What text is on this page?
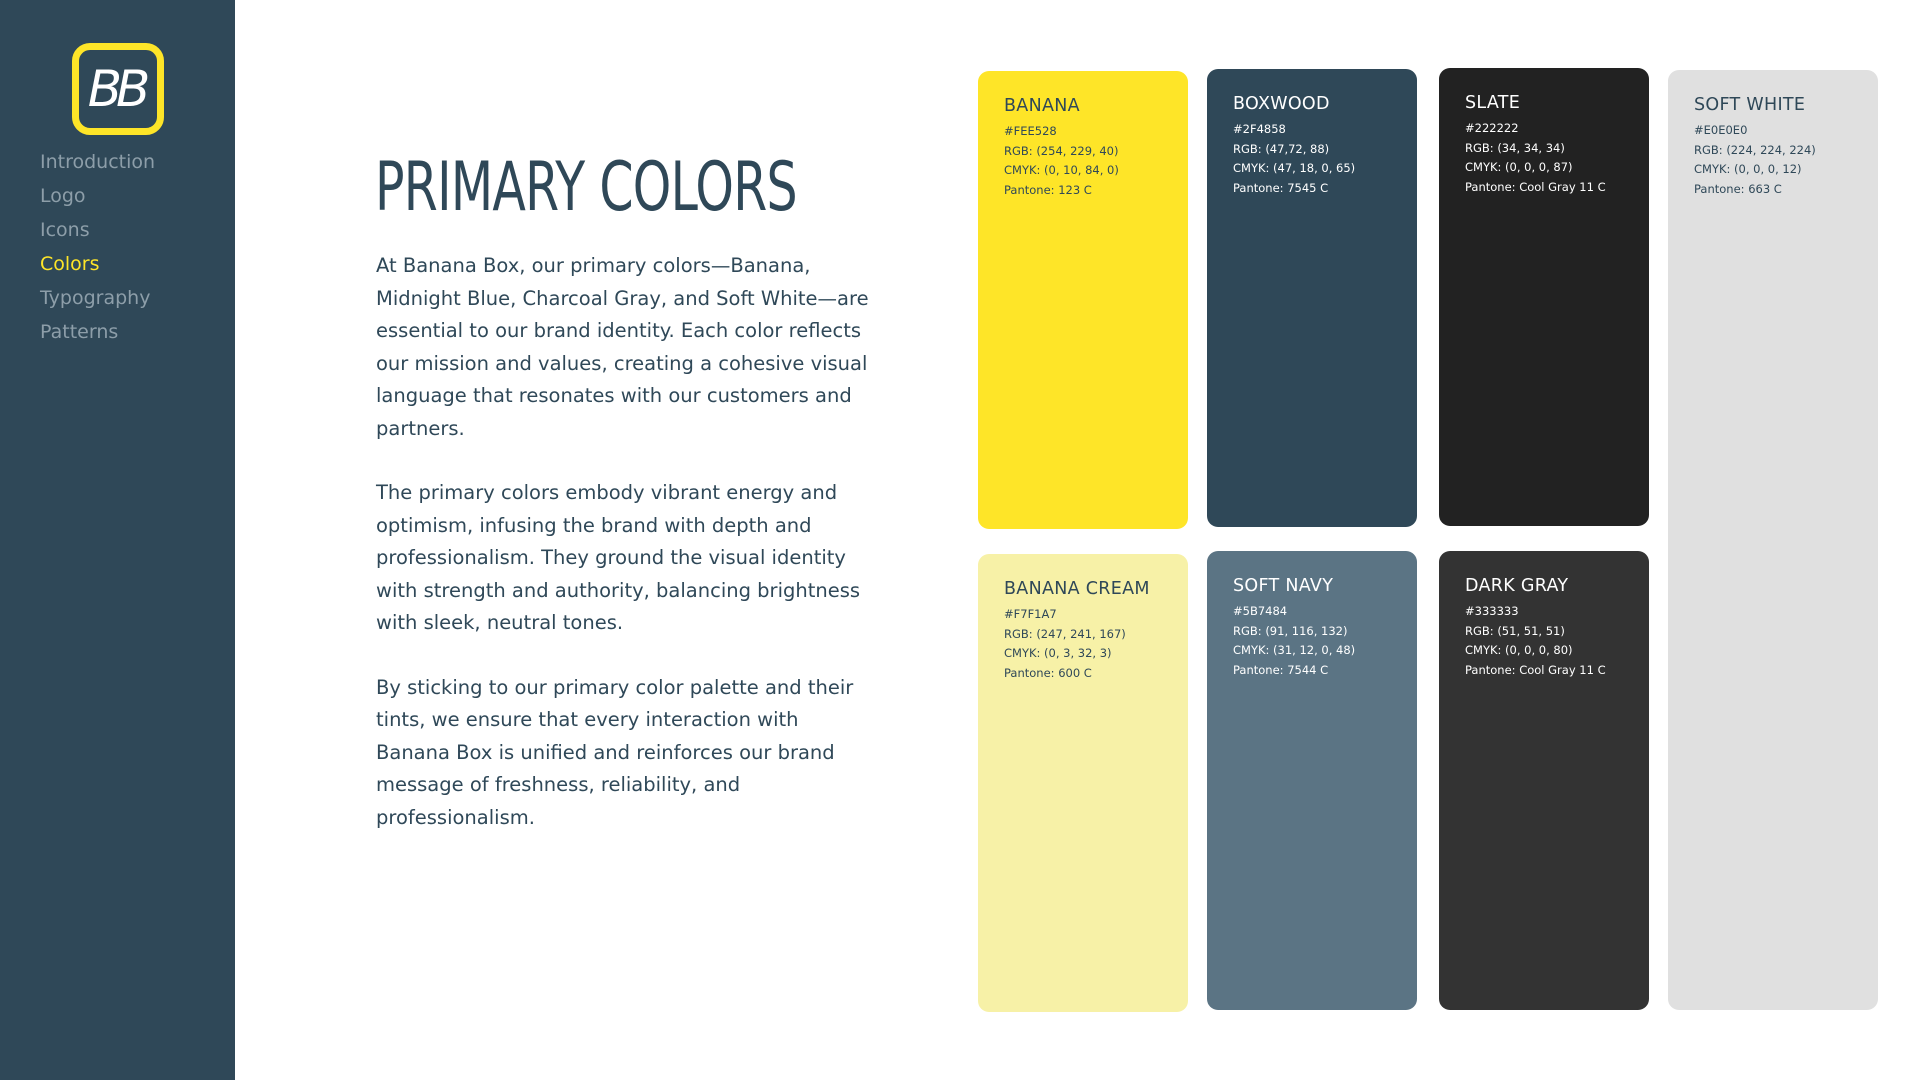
BB
Introduction
Logo
Icons
Colors
Typography
Patterns
PRIMARY COLORS

At Banana Box, our primary colors—Banana, Midnight Blue, Charcoal Gray, and Soft White—are essential to our brand identity. Each color reflects our mission and values, creating a cohesive visual language that resonates with our customers and partners.

The primary colors embody vibrant energy and optimism, infusing the brand with depth and professionalism. They ground the visual identity with strength and authority, balancing brightness with sleek, neutral tones.

By sticking to our primary color palette and their tints, we ensure that every interaction with Banana Box is unified and reinforces our brand message of freshness, reliability, and professionalism.

BANANA
#FEE528
RGB: (254, 229, 40)
CMYK: (0, 10, 84, 0)
Pantone: 123 C
BOXWOOD
#2F4858
RGB: (47,72, 88)
CMYK: (47, 18, 0, 65)
Pantone: 7545 C
SLATE
#222222
RGB: (34, 34, 34)
CMYK: (0, 0, 0, 87)
Pantone: Cool Gray 11 C
SOFT WHITE
#E0E0E0
RGB: (224, 224, 224)
CMYK: (0, 0, 0, 12)
Pantone: 663 C
BANANA CREAM
#F7F1A7
RGB: (247, 241, 167)
CMYK: (0, 3, 32, 3)
Pantone: 600 C
SOFT NAVY
#5B7484
RGB: (91, 116, 132)
CMYK: (31, 12, 0, 48)
Pantone: 7544 C
DARK GRAY
#333333
RGB: (51, 51, 51)
CMYK: (0, 0, 0, 80)
Pantone: Cool Gray 11 C
